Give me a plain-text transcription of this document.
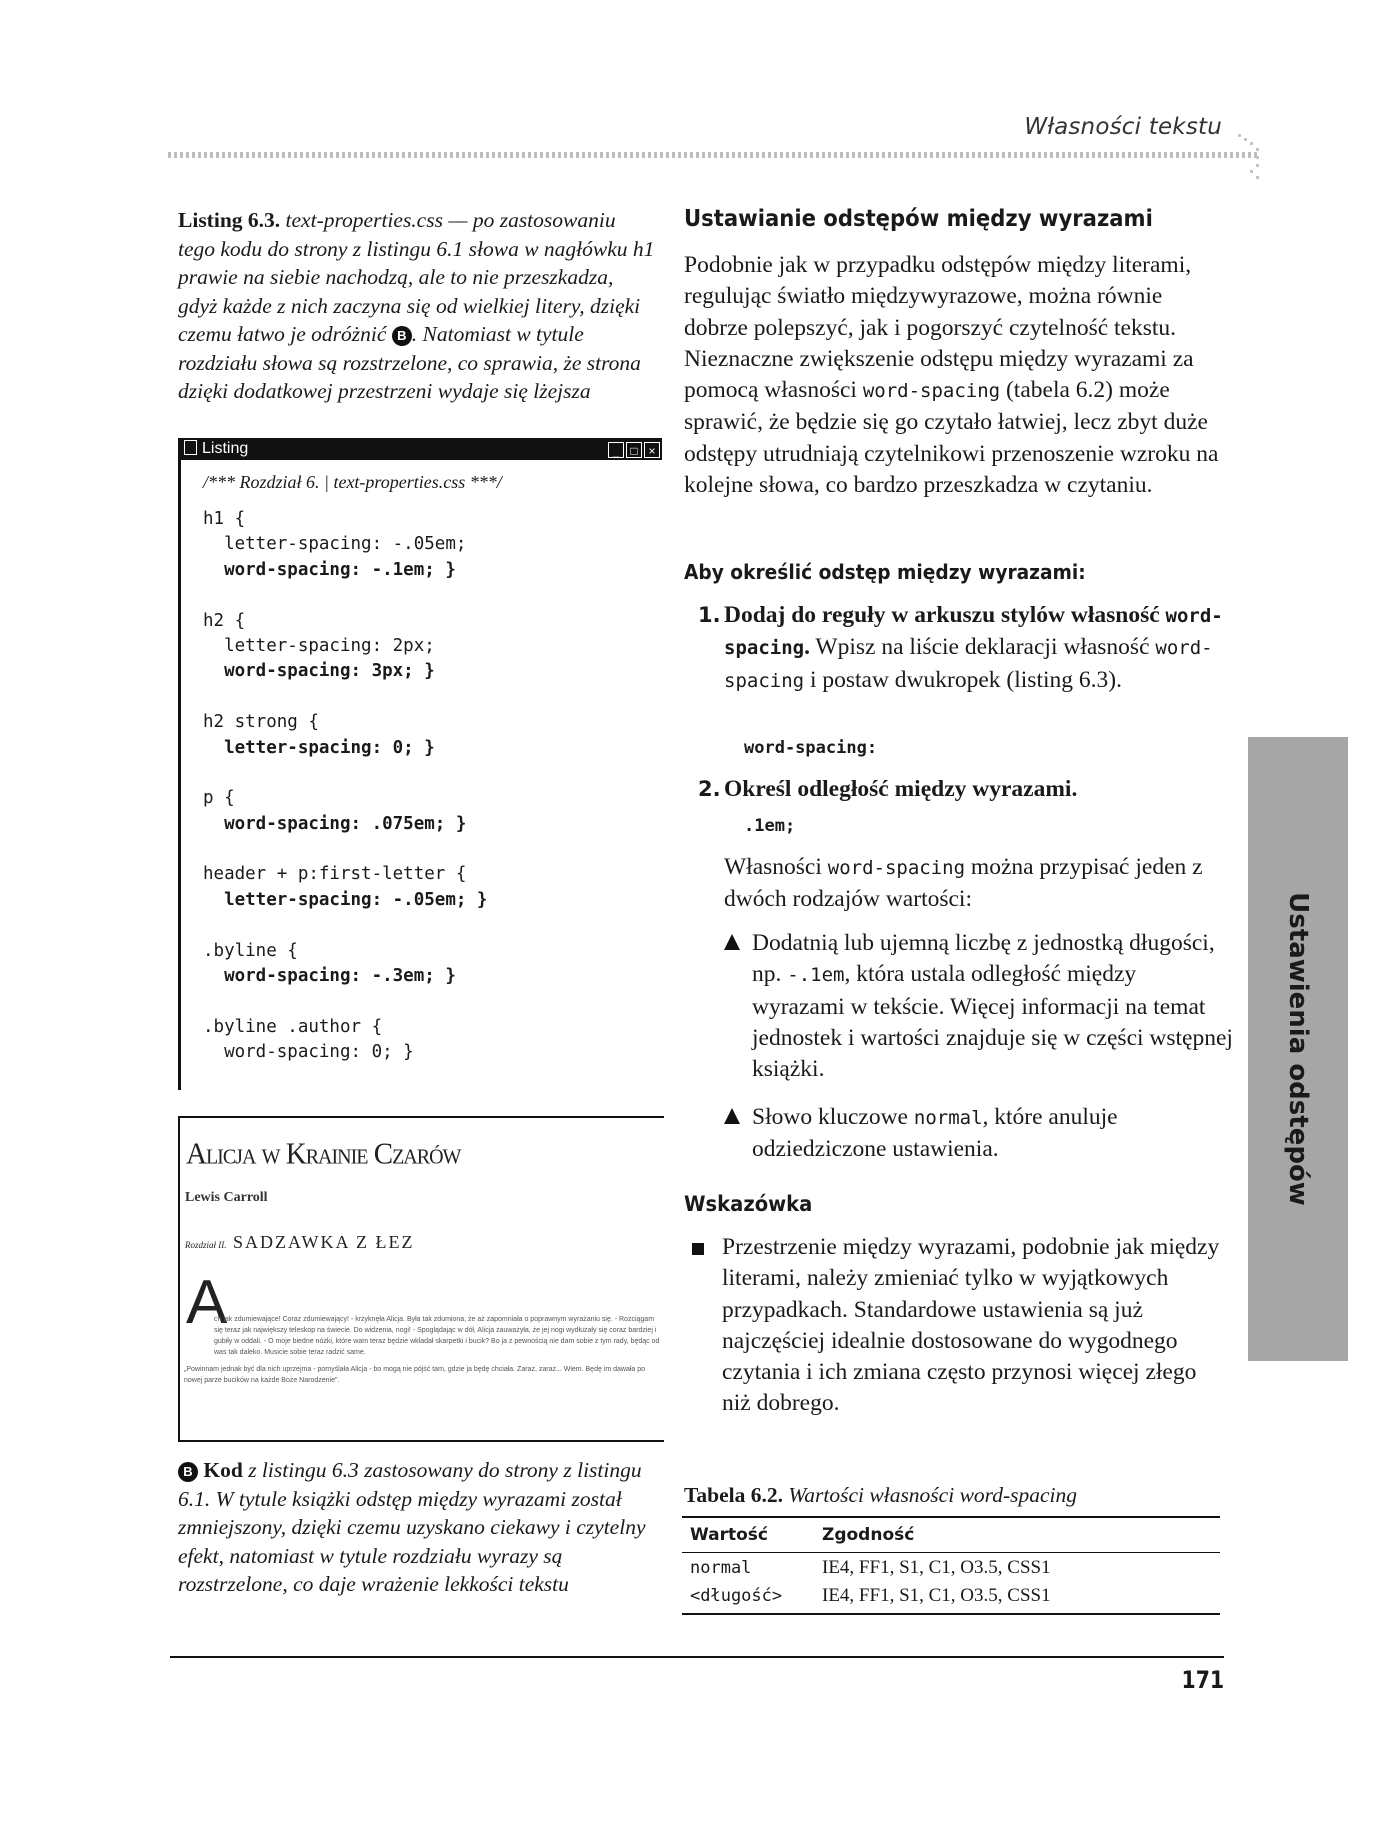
Własności tekstu
Listing 6.3. text-properties.css — po zastosowaniu tego kodu do strony z listingu 6.1 słowa w nagłówku h1 prawie na siebie nachodzą, ale to nie przeszkadza, gdyż każde z nich zaczyna się od wielkiej litery, dzięki czemu łatwo je odróżnić B . Natomiast w tytule rozdziału słowa są rozstrzelone, co sprawia, że strona dzięki dodatkowej przestrzeni wydaje się lżejsza
Listing	_ □ ×
/*** Rozdział 6. | text-properties.css ***/
h1 {
letter-spacing: -.05em;
word-spacing: -.1em; }
h2 {
letter-spacing: 2px;
word-spacing: 3px; }
h2 strong {
letter-spacing: 0; }
p {
word-spacing: .075em; }
header + p:first-letter {
letter-spacing: -.05em; }
.byline {
word-spacing: -.3em; }
.byline .author {
word-spacing: 0; }
Alicja w Krainie Czarów
Lewis Carroll
Rozdział II. SADZAWKA Z ŁEZ
A

ch jak zdumiewające! Coraz zdumiewający! - krzyknęła Alicja. Była tak zdumiona, że aż zapomniała o poprawnym wyrażaniu się. - Rozciągam się teraz jak największy teleskop na świecie. Do widzenia, nogi! - Spoglądając w dół, Alicja zauważyła, że jej nogi wydłużały się coraz bardziej i gubiły w oddali. - O moje biedne nóżki, które wam teraz będzie wkładał skarpetki i bucik? Bo ja z pewnością nie dam sobie z tym rady, będąc od was tak daleko. Musicie sobie teraz radzić same.

„Powinnam jednak być dla nich uprzejma - pomyślała Alicja - bo mogą nie pójść tam, gdzie ja będę chciała. Zaraz, zaraz... Wiem. Będę im dawała po nowej parze bucików na każde Boże Narodzenie".

B Kod z listingu 6.3 zastosowany do strony z listingu 6.1. W tytule książki odstęp między wyrazami został zmniejszony, dzięki czemu uzyskano ciekawy i czytelny efekt, natomiast w tytule rozdziału wyrazy są rozstrzelone, co daje wrażenie lekkości tekstu
Ustawianie odstępów między wyrazami
Podobnie jak w przypadku odstępów między literami, regulując światło międzywyrazowe, można równie dobrze polepszyć, jak i pogorszyć czytelność tekstu. Nieznaczne zwiększenie odstępu między wyrazami za pomocą własności word-spacing (tabela 6.2) może sprawić, że będzie się go czytało łatwiej, lecz zbyt duże odstępy utrudniają czytelnikowi przenoszenie wzroku na kolejne słowa, co bardzo przeszkadza w czytaniu.
Aby określić odstęp między wyrazami:
1. Dodaj do reguły w arkuszu stylów własność word-spacing. Wpisz na liście deklaracji własność word-spacing i postaw dwukropek (listing 6.3).
word-spacing:
2. Określ odległość między wyrazami.
.1em;
Własności word-spacing można przypisać jeden z dwóch rodzajów wartości:
Dodatnią lub ujemną liczbę z jednostką długości, np. -.1em, która ustala odległość między wyrazami w tekście. Więcej informacji na temat jednostek i wartości znajduje się w części wstępnej książki.
Słowo kluczowe normal, które anuluje odziedziczone ustawienia.
Wskazówka
Przestrzenie między wyrazami, podobnie jak między literami, należy zmieniać tylko w wyjątkowych przypadkach. Standardowe ustawienia są już najczęściej idealnie dostosowane do wygodnego czytania i ich zmiana często przynosi więcej złego niż dobrego.
Tabela 6.2. Wartości własności word-spacing
Wartość	Zgodność
normal	IE4, FF1, S1, C1, O3.5, CSS1
<długość>	IE4, FF1, S1, C1, O3.5, CSS1
171
Ustawienia odstępów
